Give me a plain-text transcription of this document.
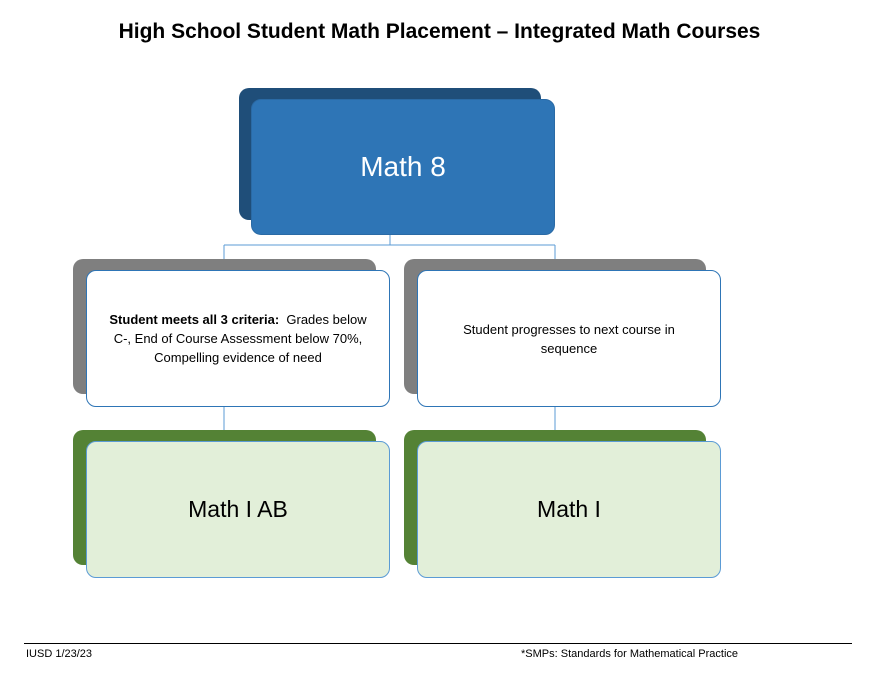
High School Student Math Placement – Integrated Math Courses
Math 8
Student meets all 3 criteria: Grades below C-, End of Course Assessment below 70%, Compelling evidence of need
Student progresses to next course in sequence
Math I AB	Math I
IUSD 1/23/23	*SMPs: Standards for Mathematical Practice
